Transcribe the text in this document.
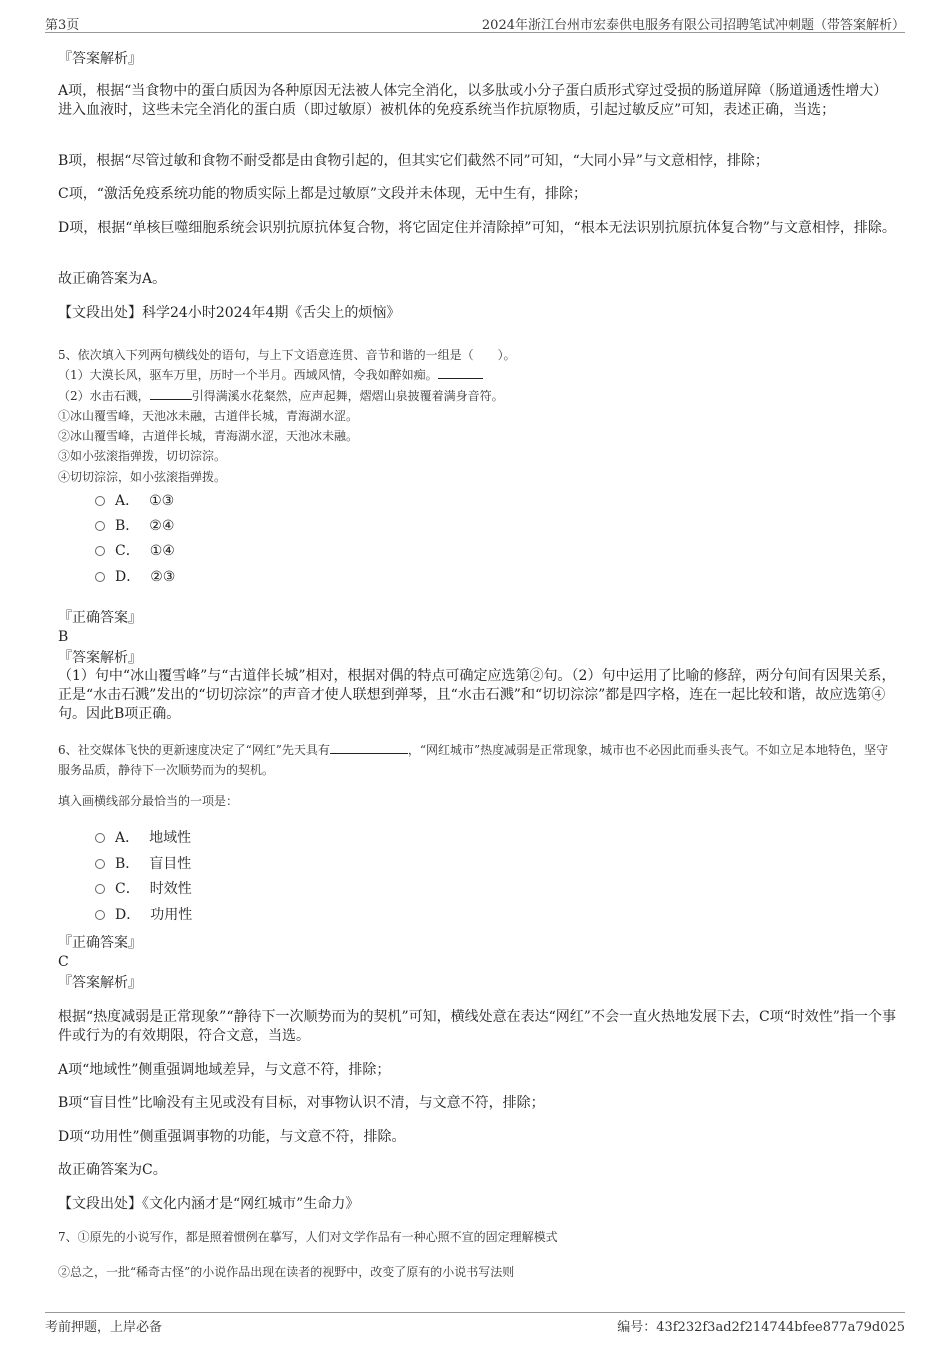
第3页	2024年浙江台州市宏泰供电服务有限公司招聘笔试冲刺题（带答案解析）
『答案解析』
A项，根据“当食物中的蛋白质因为各种原因无法被人体完全消化，以多肽或小分子蛋白质形式穿过受损的肠道屏障（肠道通透性增大）进入血液时，这些未完全消化的蛋白质（即过敏原）被机体的免疫系统当作抗原物质，引起过敏反应”可知，表述正确，当选；
B项，根据“尽管过敏和食物不耐受都是由食物引起的，但其实它们截然不同”可知，“大同小异”与文意相悖，排除；
C项，“激活免疫系统功能的物质实际上都是过敏原”文段并未体现，无中生有，排除；
D项，根据“单核巨噬细胞系统会识别抗原抗体复合物，将它固定住并清除掉”可知，“根本无法识别抗原抗体复合物”与文意相悖，排除。
故正确答案为A。
【文段出处】科学24小时2024年4期《舌尖上的烦恼》
5、依次填入下列两句横线处的语句，与上下文语意连贯、音节和谐的一组是（　　）。
（1）大漠长风，驱车万里，历时一个半月。西域风情，令我如醉如痴。
（2）水击石溅，	引得满溪水花粲然，应声起舞，熠熠山泉披覆着满身音符。
①冰山覆雪峰，天池冰未融，古道伴长城，青海湖水涩。
②冰山覆雪峰，古道伴长城，青海湖水涩，天池冰未融。
③如小弦滚指弹拨，切切淙淙。
④切切淙淙，如小弦滚指弹拨。
A． ①③
B． ②④
C． ①④
D． ②③
『正确答案』
B
『答案解析』
（1）句中“冰山覆雪峰”与“古道伴长城”相对，根据对偶的特点可确定应选第②句。（2）句中运用了比喻的修辞，两分句间有因果关系，正是“水击石溅”发出的“切切淙淙”的声音才使人联想到弹琴，且“水击石溅”和“切切淙淙”都是四字格，连在一起比较和谐，故应选第④句。因此B项正确。
6、社交媒体飞快的更新速度决定了“网红”先天具有	，“网红城市”热度减弱是正常现象，城市也不必因此而垂头丧气。不如立足本地特色，坚守服务品质，静待下一次顺势而为的契机。
填入画横线部分最恰当的一项是：
A． 地域性
B． 盲目性
C． 时效性
D． 功用性
『正确答案』
C
『答案解析』
根据“热度减弱是正常现象”“静待下一次顺势而为的契机”可知，横线处意在表达“网红”不会一直火热地发展下去，C项“时效性”指一个事件或行为的有效期限，符合文意，当选。
A项“地域性”侧重强调地域差异，与文意不符，排除；
B项“盲目性”比喻没有主见或没有目标，对事物认识不清，与文意不符，排除；
D项“功用性”侧重强调事物的功能，与文意不符，排除。
故正确答案为C。
【文段出处】《文化内涵才是“网红城市”生命力》
7、①原先的小说写作，都是照着惯例在摹写，人们对文学作品有一种心照不宣的固定理解模式
②总之，一批“稀奇古怪”的小说作品出现在读者的视野中，改变了原有的小说书写法则
考前押题，上岸必备	编号：43f232f3ad2f214744bfee877a79d025
